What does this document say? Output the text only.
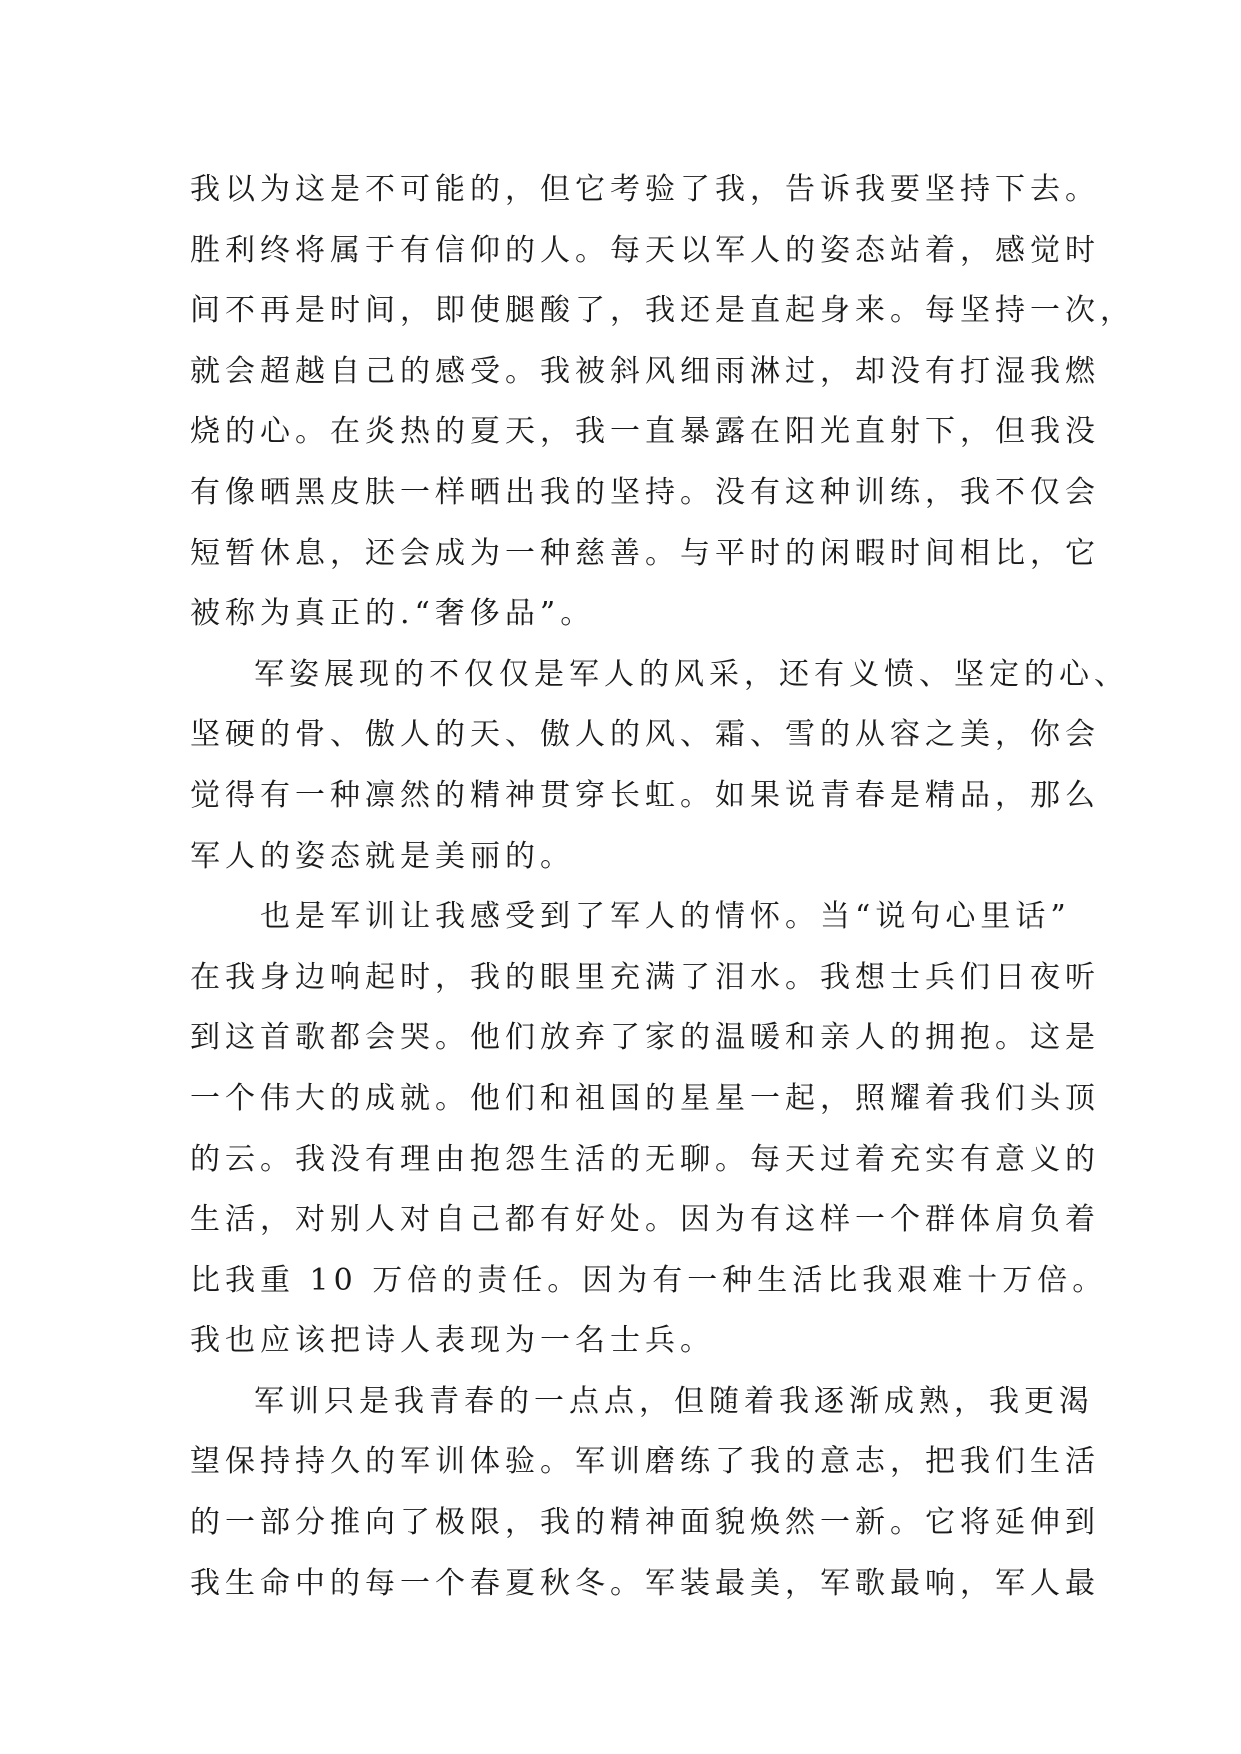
我以为这是不可能的，但它考验了我，告诉我要坚持下去。
胜利终将属于有信仰的人。每天以军人的姿态站着，感觉时
间不再是时间，即使腿酸了，我还是直起身来。每坚持一次，
就会超越自己的感受。我被斜风细雨淋过，却没有打湿我燃
烧的心。在炎热的夏天，我一直暴露在阳光直射下，但我没
有像晒黑皮肤一样晒出我的坚持。没有这种训练，我不仅会
短暂休息，还会成为一种慈善。与平时的闲暇时间相比，它
被称为真正的.“奢侈品”。
军姿展现的不仅仅是军人的风采，还有义愤、坚定的心、
坚硬的骨、傲人的天、傲人的风、霜、雪的从容之美，你会
觉得有一种凛然的精神贯穿长虹。如果说青春是精品，那么
军人的姿态就是美丽的。
也是军训让我感受到了军人的情怀。当“说句心里话”
在我身边响起时，我的眼里充满了泪水。我想士兵们日夜听
到这首歌都会哭。他们放弃了家的温暖和亲人的拥抱。这是
一个伟大的成就。他们和祖国的星星一起，照耀着我们头顶
的云。我没有理由抱怨生活的无聊。每天过着充实有意义的
生活，对别人对自己都有好处。因为有这样一个群体肩负着
比我重 10 万倍的责任。因为有一种生活比我艰难十万倍。
我也应该把诗人表现为一名士兵。
军训只是我青春的一点点，但随着我逐渐成熟，我更渴
望保持持久的军训体验。军训磨练了我的意志，把我们生活
的一部分推向了极限，我的精神面貌焕然一新。它将延伸到
我生命中的每一个春夏秋冬。军装最美，军歌最响，军人最
